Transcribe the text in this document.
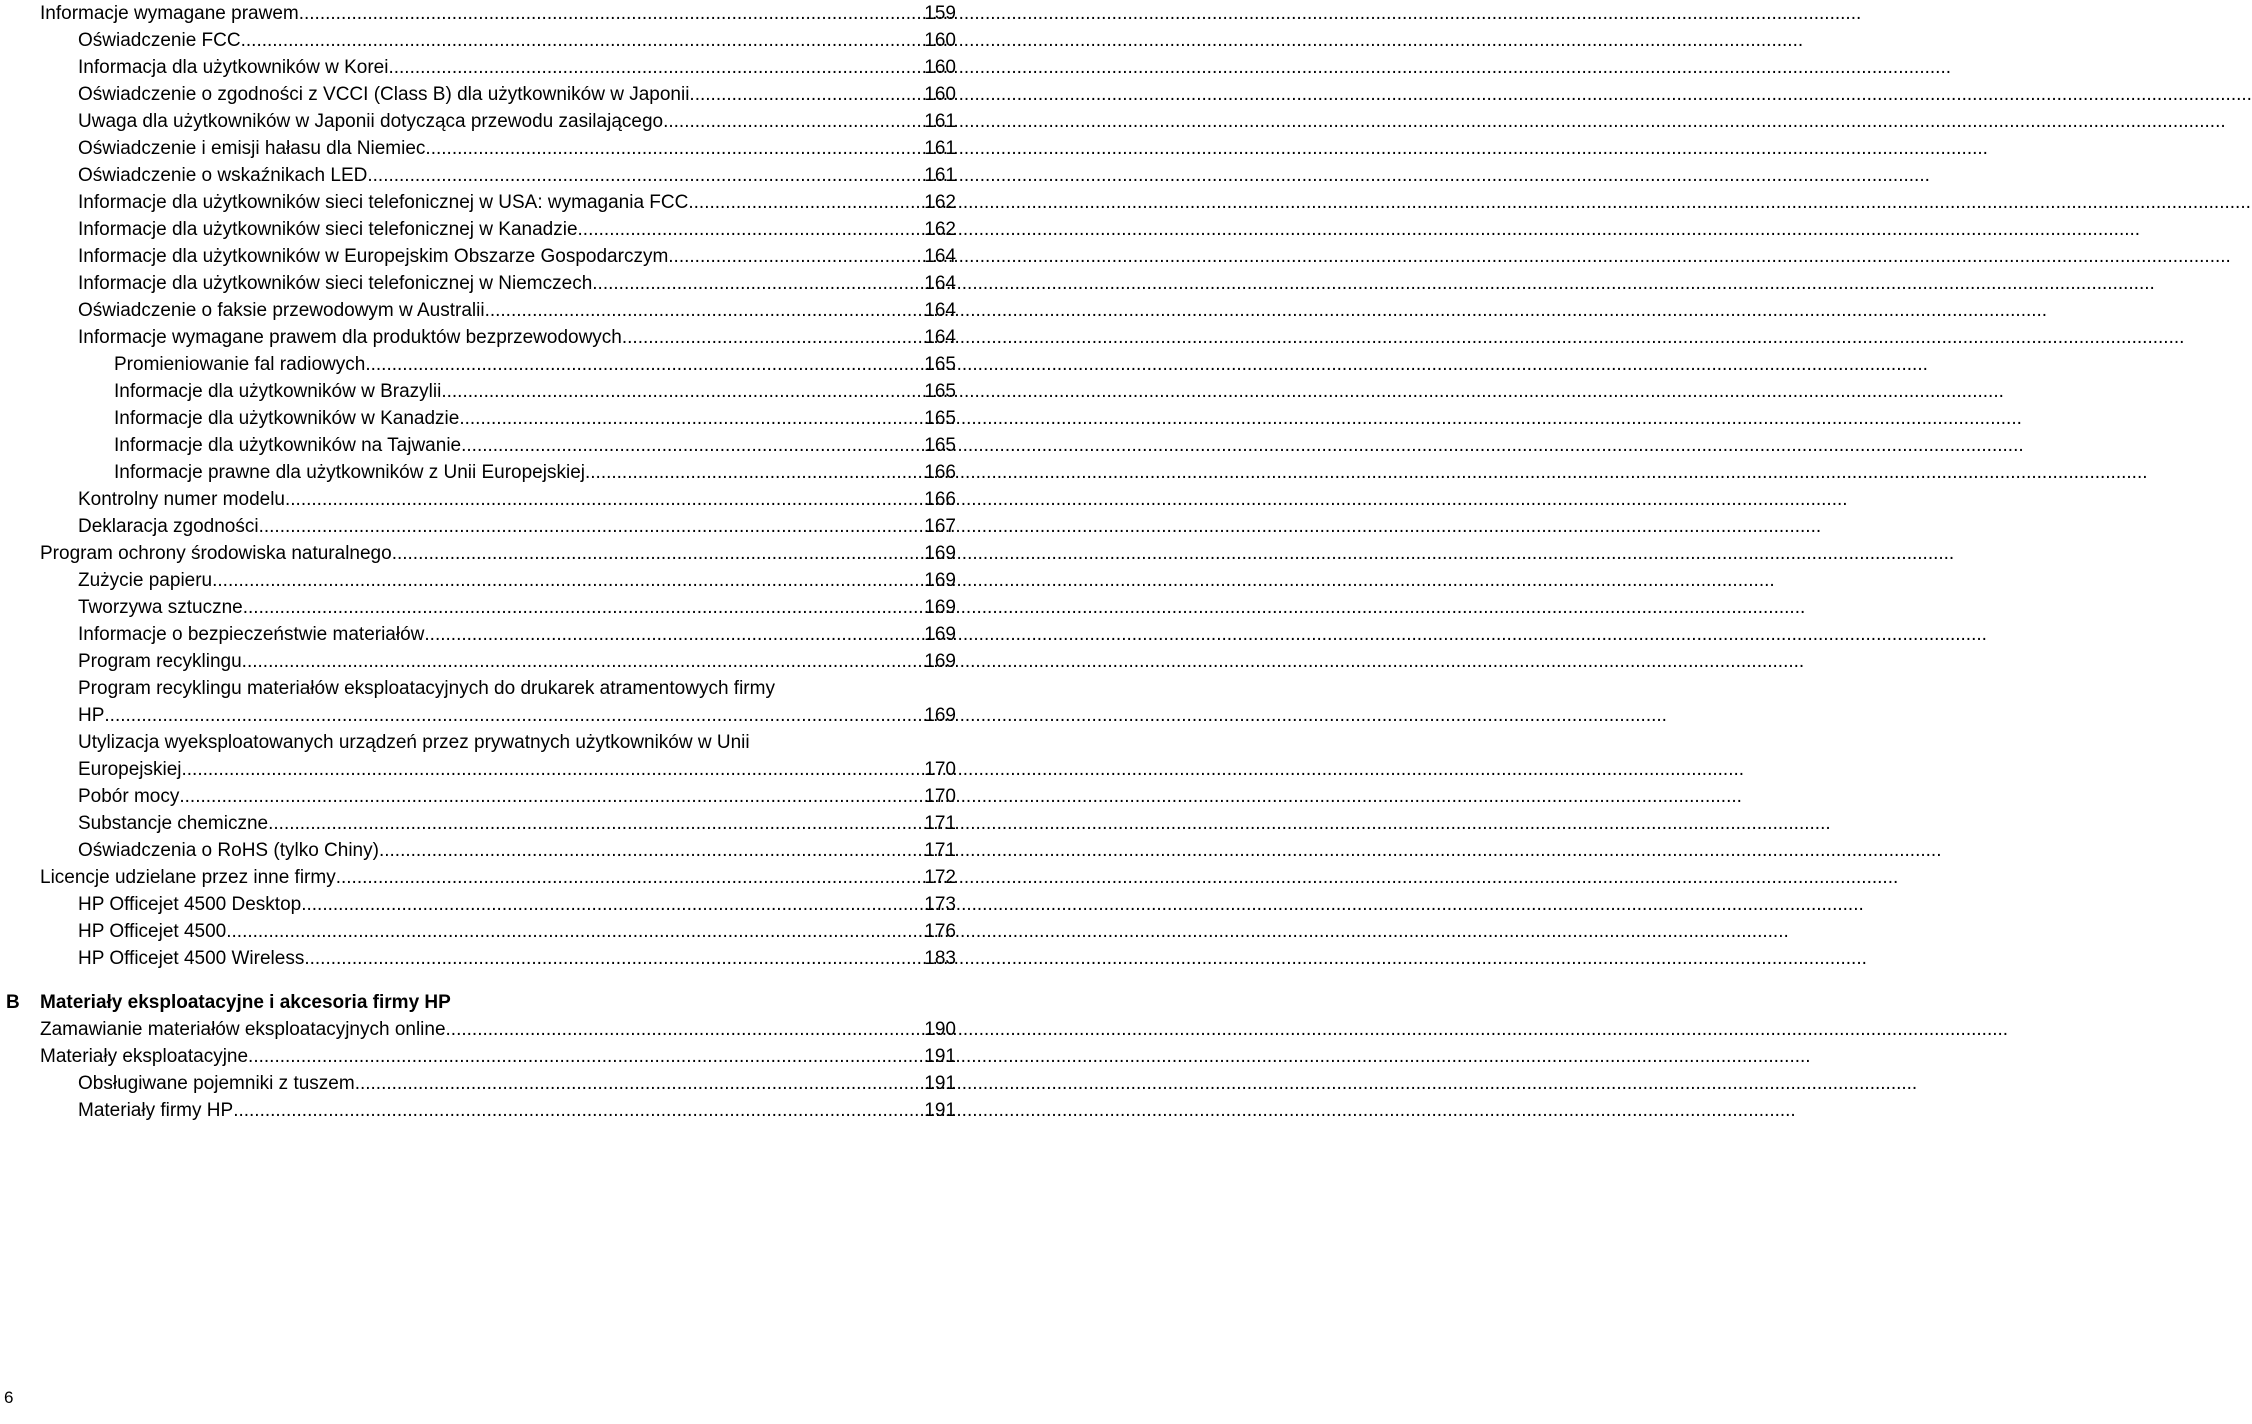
Informacje wymagane prawem .....	159
Oświadczenie FCC .....	160
Informacja dla użytkowników w Korei .....	160
Oświadczenie o zgodności z VCCI (Class B) dla użytkowników w Japonii .....	160
Uwaga dla użytkowników w Japonii dotycząca przewodu zasilającego .....	161
Oświadczenie i emisji hałasu dla Niemiec .....	161
Oświadczenie o wskaźnikach LED .....	161
Informacje dla użytkowników sieci telefonicznej w USA: wymagania FCC .....	162
Informacje dla użytkowników sieci telefonicznej w Kanadzie .....	162
Informacje dla użytkowników w Europejskim Obszarze Gospodarczym .....	164
Informacje dla użytkowników sieci telefonicznej w Niemczech .....	164
Oświadczenie o faksie przewodowym w Australii .....	164
Informacje wymagane prawem dla produktów bezprzewodowych .....	164
Promieniowanie fal radiowych .....	165
Informacje dla użytkowników w Brazylii .....	165
Informacje dla użytkowników w Kanadzie .....	165
Informacje dla użytkowników na Tajwanie .....	165
Informacje prawne dla użytkowników z Unii Europejskiej .....	166
Kontrolny numer modelu .....	166
Deklaracja zgodności .....	167
Program ochrony środowiska naturalnego .....	169
Zużycie papieru .....	169
Tworzywa sztuczne .....	169
Informacje o bezpieczeństwie materiałów .....	169
Program recyklingu .....	169
Program recyklingu materiałów eksploatacyjnych do drukarek atramentowych firmy
HP .....	169
Utylizacja wyeksploatowanych urządzeń przez prywatnych użytkowników w Unii
Europejskiej .....	170
Pobór mocy .....	170
Substancje chemiczne .....	171
Oświadczenia o RoHS (tylko Chiny) .....	171
Licencje udzielane przez inne firmy .....	172
HP Officejet 4500 Desktop .....	173
HP Officejet 4500 .....	176
HP Officejet 4500 Wireless .....	183
B Materiały eksploatacyjne i akcesoria firmy HP
Zamawianie materiałów eksploatacyjnych online .....	190
Materiały eksploatacyjne .....	191
Obsługiwane pojemniki z tuszem .....	191
Materiały firmy HP .....	191
6
